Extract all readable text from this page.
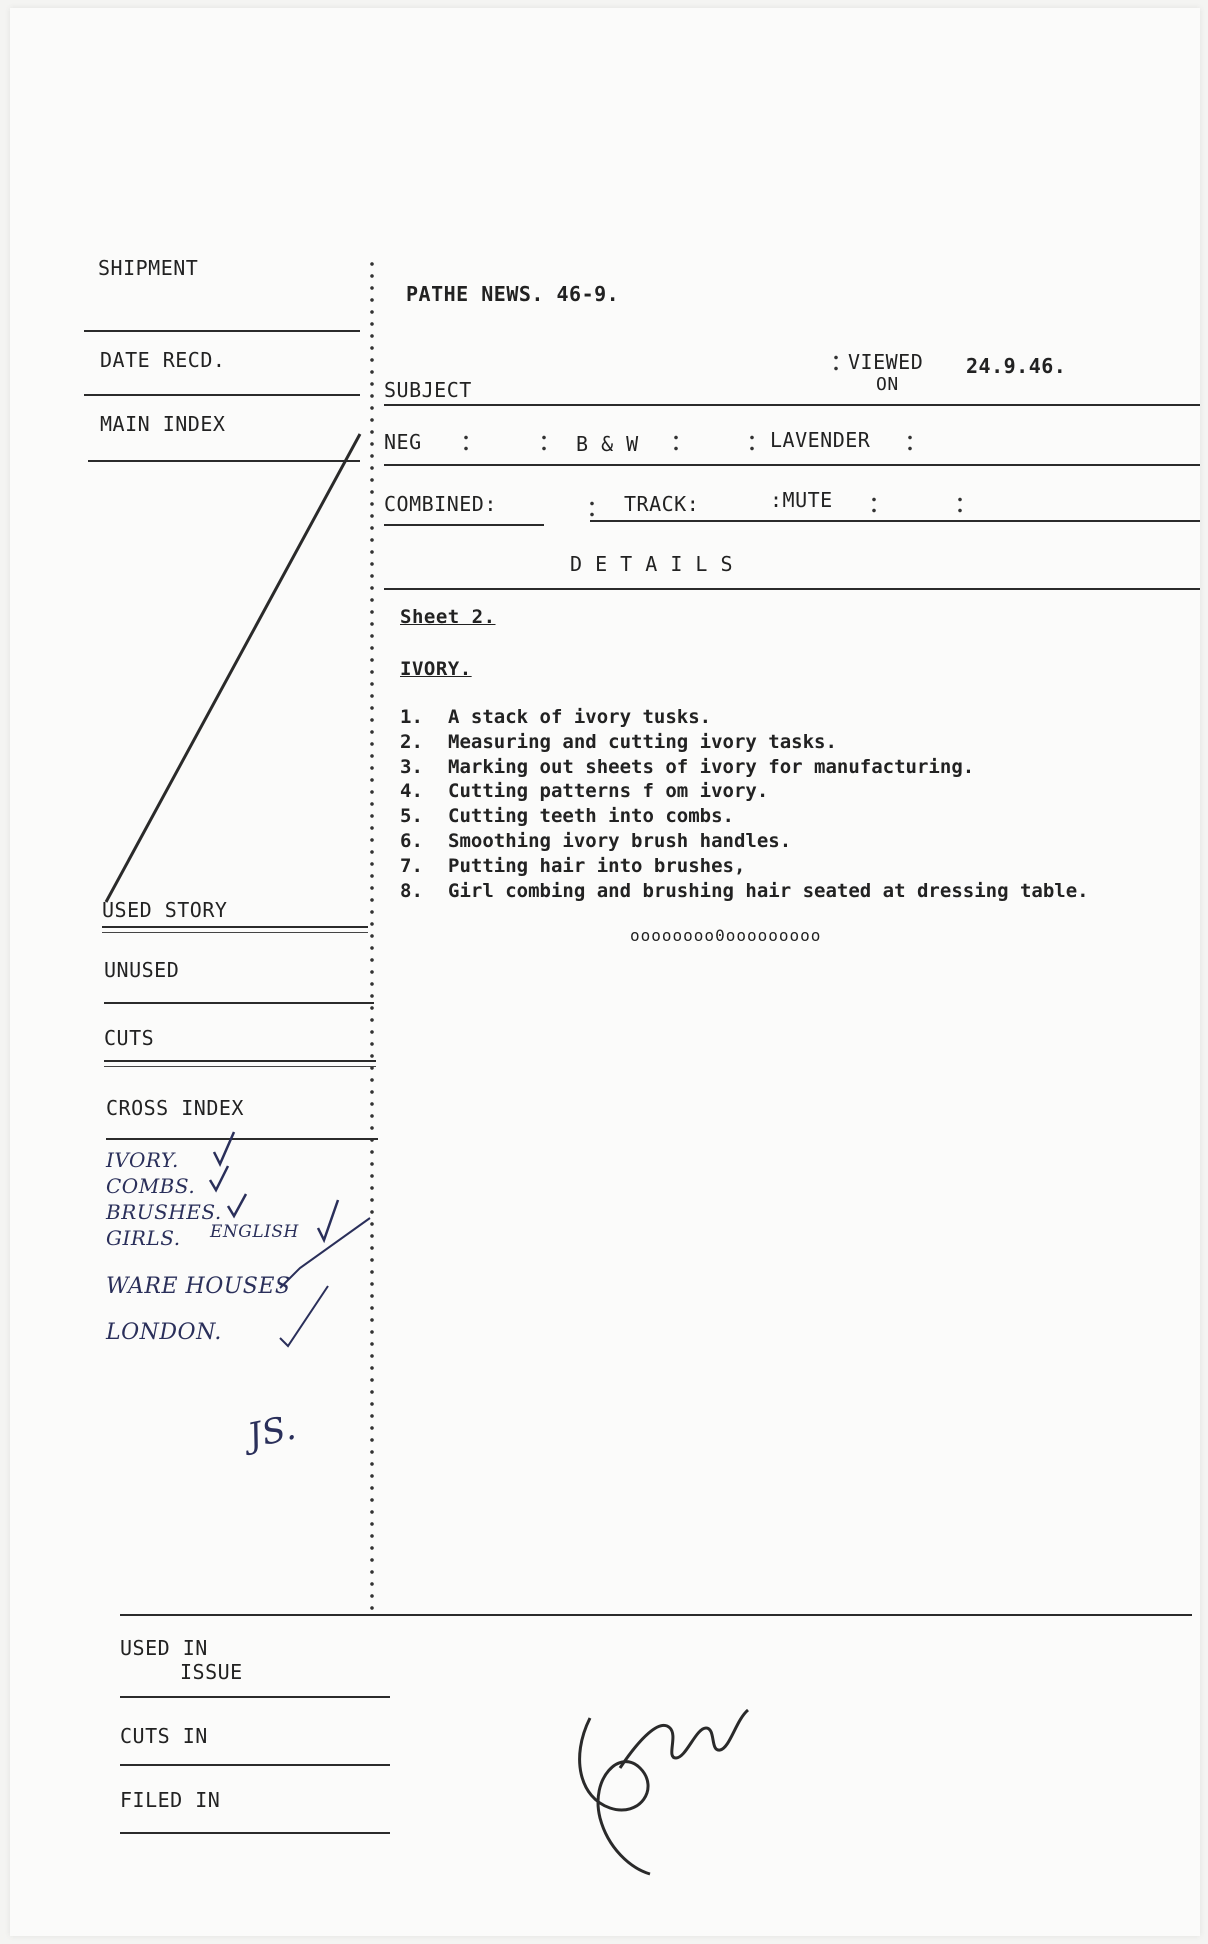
SHIPMENT
DATE RECD.
MAIN INDEX
USED STORY
UNUSED
CUTS
CROSS INDEX
IVORY.
COMBS.
BRUSHES.
GIRLS. ENGLISH
WARE HOUSES
LONDON.
JS.
USED IN
ISSUE
CUTS IN
FILED IN
PATHE NEWS. 46-9.
VIEWED
ON
24.9.46.
SUBJECT
NEG	B & W	LAVENDER
COMBINED:	TRACK:	:MUTE
D E T A I L S
Sheet 2.
IVORY.
1. A stack of ivory tusks.
2. Measuring and cutting ivory tasks.
3. Marking out sheets of ivory for manufacturing.
4. Cutting patterns f om ivory.
5. Cutting teeth into combs.
6. Smoothing ivory brush handles.
7. Putting hair into brushes,
8. Girl combing and brushing hair seated at dressing table.
oooooooo0ooooooooo
